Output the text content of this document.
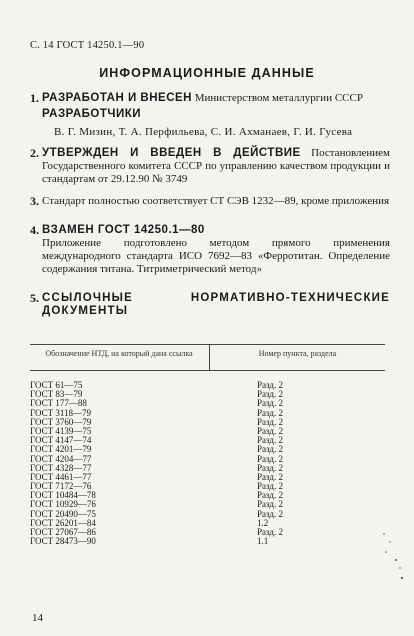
С. 14 ГОСТ 14250.1—90
ИНФОРМАЦИОННЫЕ ДАННЫЕ
1. РАЗРАБОТАН И ВНЕСЕН Министерством металлургии СССР
РАЗРАБОТЧИКИ
В. Г. Мизин, Т. А. Перфильева, С. И. Ахманаев, Г. И. Гусева
2. УТВЕРЖДЕН И ВВЕДЕН В ДЕЙСТВИЕ Постановлением Государственного комитета СССР по управлению качеством продукции и стандартам от 29.12.90 № 3749
3. Стандарт полностью соответствует СТ СЭВ 1232—89, кроме приложения
4. ВЗАМЕН ГОСТ 14250.1—80
Приложение подготовлено методом прямого применения международного стандарта ИСО 7692—83 «Ферротитан. Определение содержания титана. Титриметрический метод»
5. ССЫЛОЧНЫЕ НОРМАТИВНО-ТЕХНИЧЕСКИЕ ДОКУМЕНТЫ
Обозначение НТД, на который дана ссылка	Номер пункта, раздела
ГОСТ 61—75	Разд. 2
ГОСТ 83—79	Разд. 2
ГОСТ 177—88	Разд. 2
ГОСТ 3118—79	Разд. 2
ГОСТ 3760—79	Разд. 2
ГОСТ 4139—75	Разд. 2
ГОСТ 4147—74	Разд. 2
ГОСТ 4201—79	Разд. 2
ГОСТ 4204—77	Разд. 2
ГОСТ 4328—77	Разд. 2
ГОСТ 4461—77	Разд. 2
ГОСТ 7172—76	Разд. 2
ГОСТ 10484—78	Разд. 2
ГОСТ 10929—76	Разд. 2
ГОСТ 20490—75	Разд. 2
ГОСТ 26201—84	1.2
ГОСТ 27067—86	Разд. 2
ГОСТ 28473—90	1.1
14
